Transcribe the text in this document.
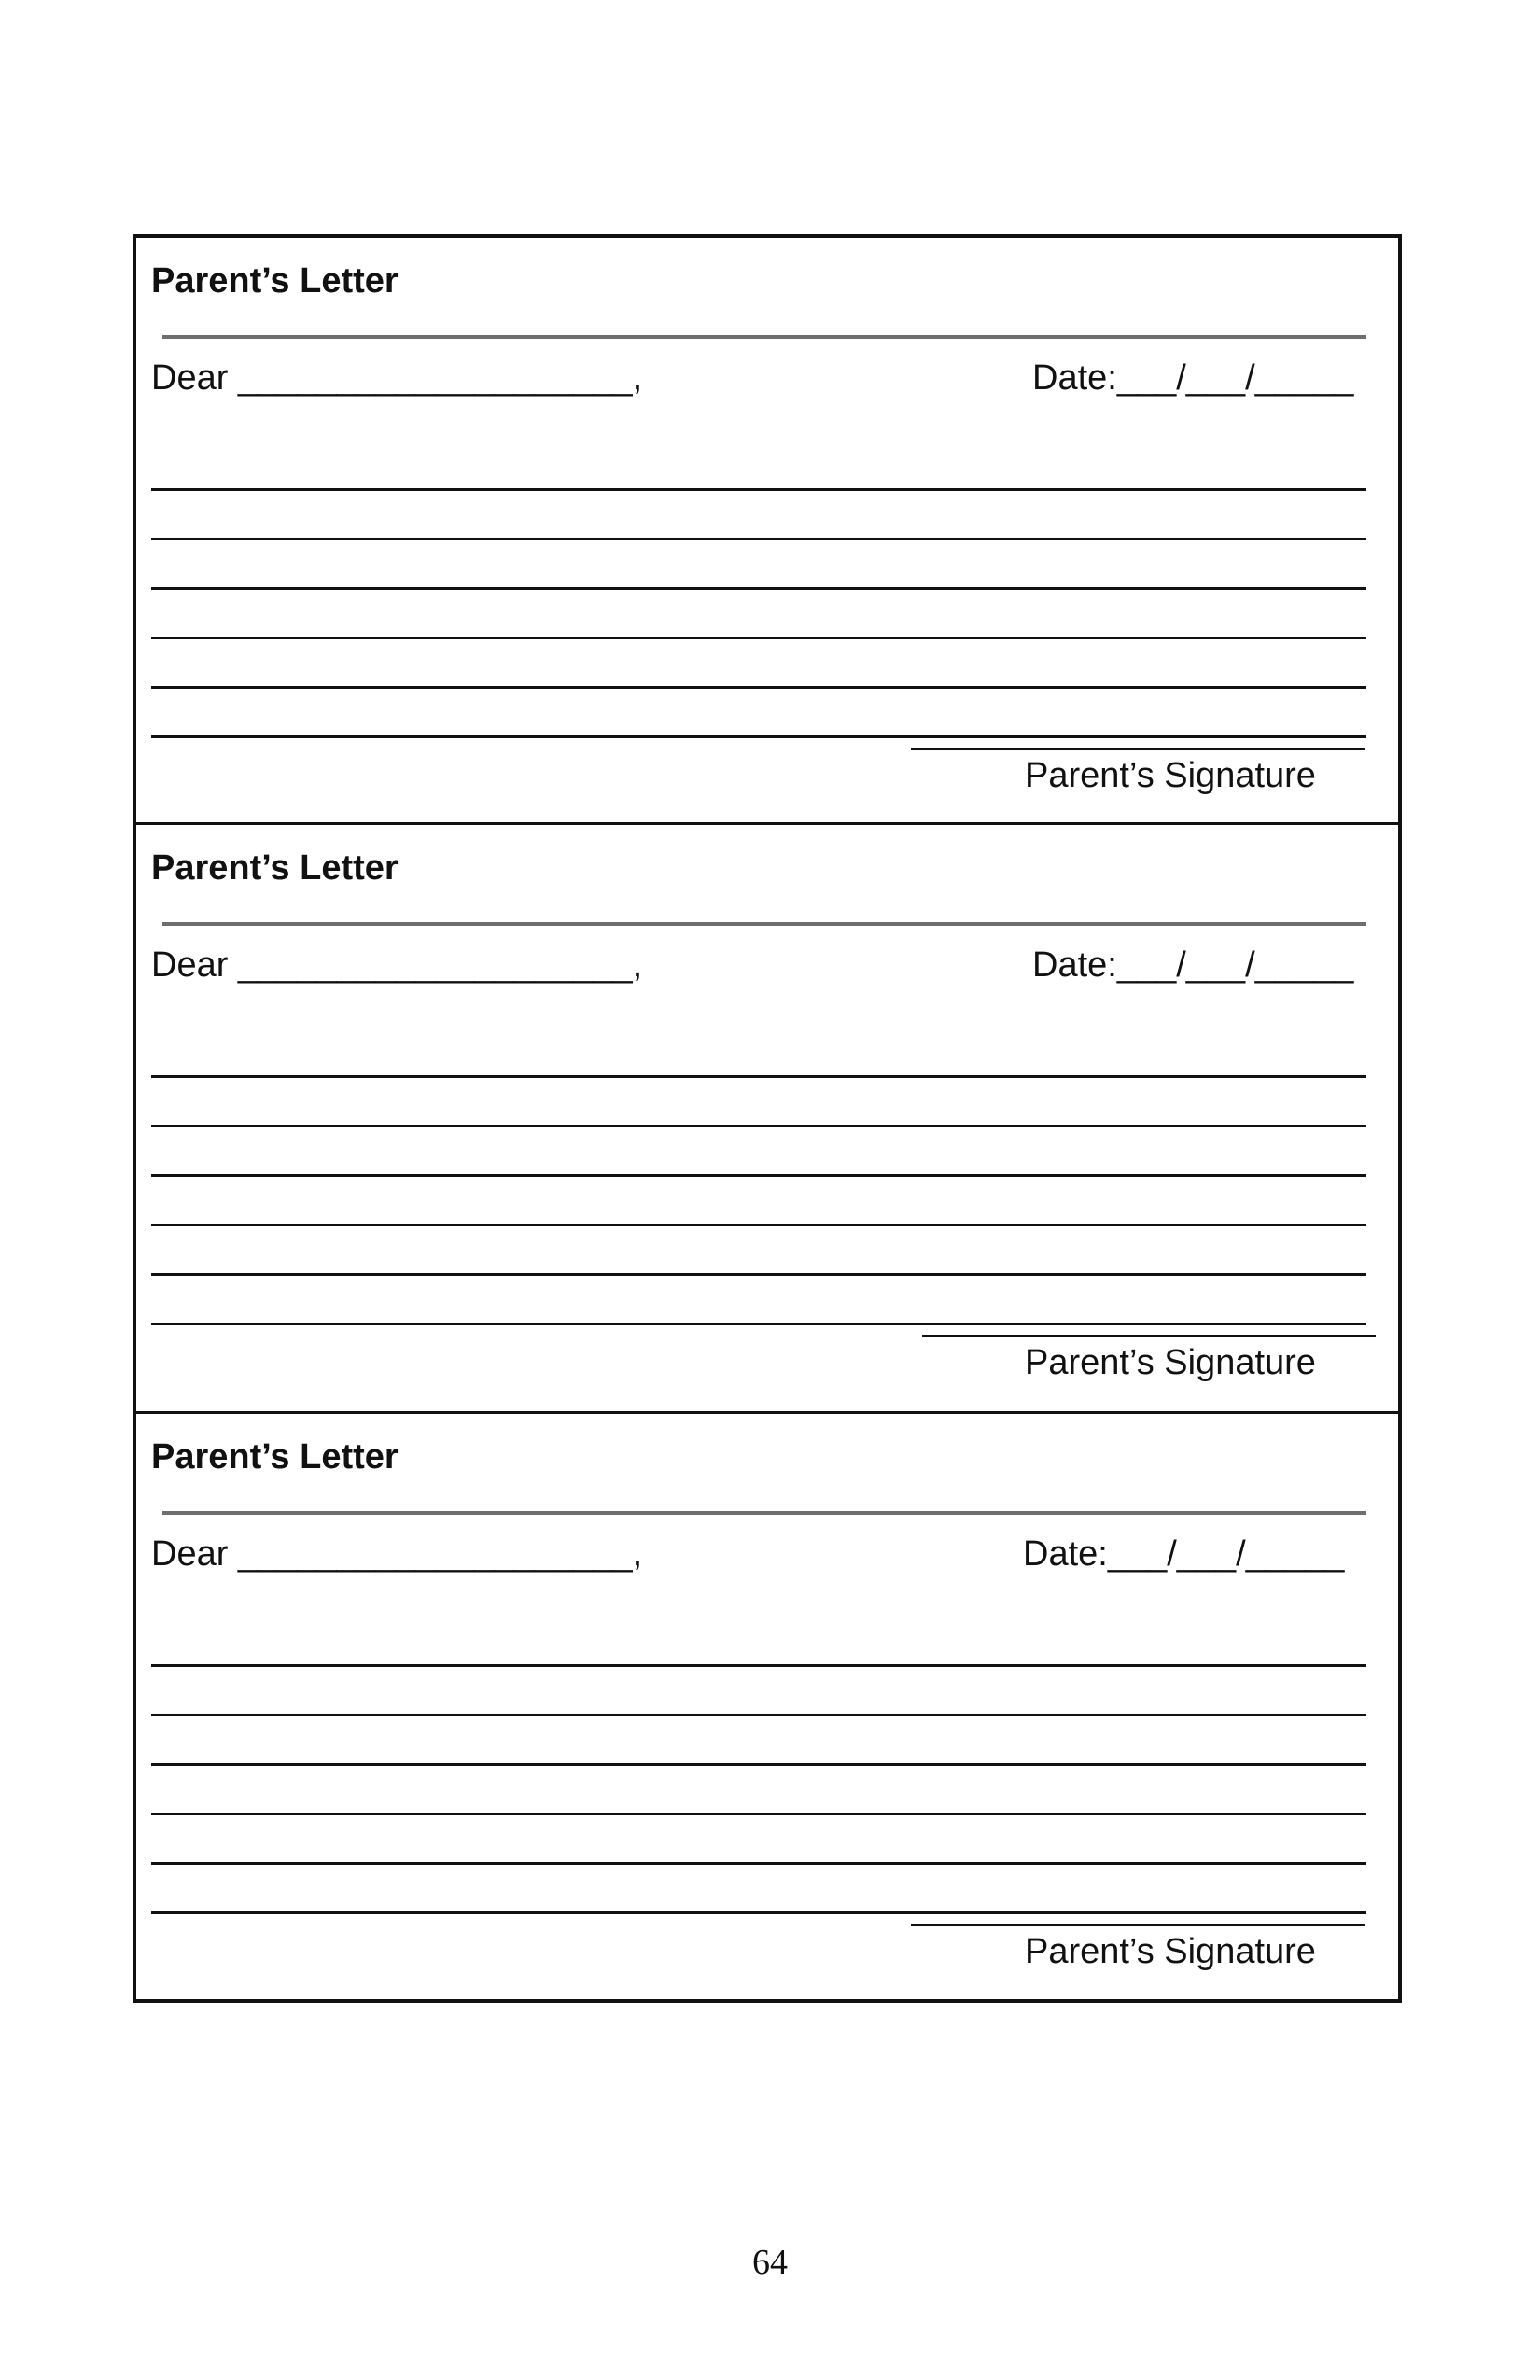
Parent’s Letter
Dear ____________________,	Date:___/___/_____
Parent’s Signature
Parent’s Letter
Dear ____________________,	Date:___/___/_____
Parent’s Signature
Parent’s Letter
Dear ____________________,	Date:___/___/_____
Parent’s Signature
64
